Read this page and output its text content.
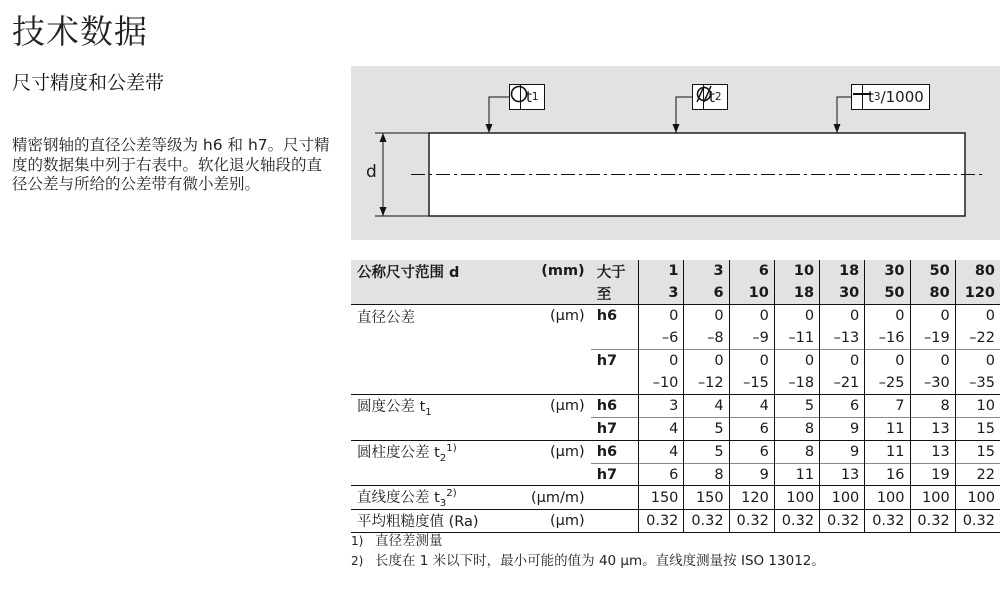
技术数据
尺寸精度和公差带
精密钢轴的直径公差等级为 h6 和 h7。尺寸精度的数据集中列于右表中。软化退火轴段的直径公差与所给的公差带有微小差别。
d
t 1	t 2	t 3 /1000
公称尺寸范围 d	(mm)	大于	1	3	6	10	18	30	50	80
		至	3	6	10	18	30	50	80	120
直径公差	(µm)	h6	0	0	0	0	0	0	0	0
			–6	–8	–9	–11	–13	–16	–19	–22
		h7	0	0	0	0	0	0	0	0
			–10	–12	–15	–18	–21	–25	–30	–35
圆度公差 $t_1$	(µm)	h6	3	4	4	5	6	7	8	10
		h7	4	5	6	8	9	11	13	15
圆柱度公差 $t_2^{1)}$	(µm)	h6	4	5	6	8	9	11	13	15
		h7	6	8	9	11	13	16	19	22
直线度公差 $t_3^{2)}$	(µm/m)		150	150	120	100	100	100	100	100
平均粗糙度值 (Ra)	(µm)		0.32	0.32	0.32	0.32	0.32	0.32	0.32	0.32
1) 直径差测量
2) 长度在 1 米以下时，最小可能的值为 40 µm。直线度测量按 ISO 13012。
